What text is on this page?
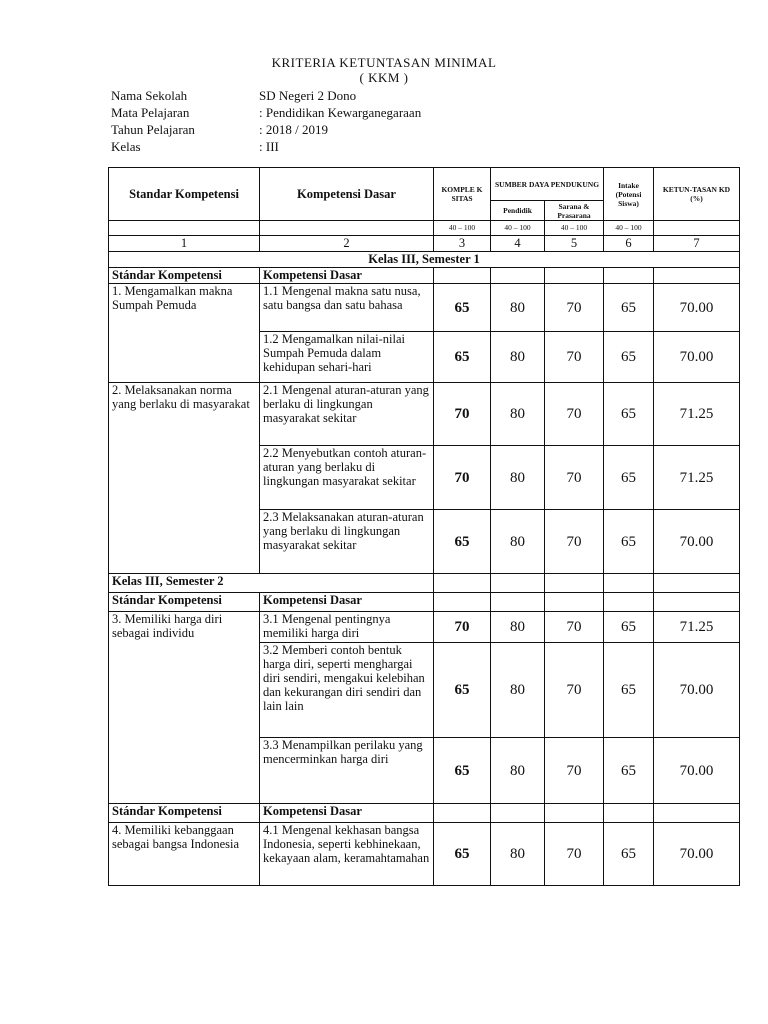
KRITERIA KETUNTASAN MINIMAL
( KKM )
Nama Sekolah	SD Negeri 2 Dono
Mata Pelajaran	: Pendidikan Kewarganegaraan
Tahun Pelajaran	: 2018 / 2019
Kelas	: III
Standar Kompetensi	Kompetensi Dasar	KOMPLE K SITAS	SUMBER DAYA PENDUKUNG		Intake (Potensi Siswa)	KETUN-TASAN KD (%)
			Pendidik	Sarana & Prasarana		
		40 – 100	40 – 100	40 – 100	40 – 100	
1	2	3	4	5	6	7
Kelas III, Semester 1						
Stándar Kompetensi	Kompetensi Dasar					
1. Mengamalkan makna Sumpah Pemuda	1.1 Mengenal makna satu nusa, satu bangsa dan satu bahasa	65	80	70	65	70.00

	1.2 Mengamalkan nilai-nilai Sumpah Pemuda dalam kehidupan sehari-hari	65	80	70	65	70.00
2. Melaksanakan norma yang berlaku di masyarakat	2.1 Mengenal aturan-aturan yang berlaku di lingkungan masyarakat sekitar	70	80	70	65	71.25
	2.2 Menyebutkan contoh aturan-aturan yang berlaku di lingkungan masyarakat sekitar	70	80	70	65	71.25
	2.3 Melaksanakan aturan-aturan yang berlaku di lingkungan masyarakat sekitar	65	80	70	65	70.00
Kelas III, Semester 2						
Stándar Kompetensi	Kompetensi Dasar					
3. Memiliki harga diri sebagai individu	3.1 Mengenal pentingnya memiliki harga diri	70	80	70	65	71.25
	3.2 Memberi contoh bentuk harga diri, seperti menghargai diri sendiri, mengakui kelebihan dan kekurangan diri sendiri dan lain lain	65	80	70	65	70.00
	3.3 Menampilkan perilaku yang mencerminkan harga diri	65	80	70	65	70.00
Stándar Kompetensi	Kompetensi Dasar					
4. Memiliki kebanggaan sebagai bangsa Indonesia	4.1 Mengenal kekhasan bangsa Indonesia, seperti kebhinekaan, kekayaan alam, keramahtamahan	65	80	70	65	70.00
